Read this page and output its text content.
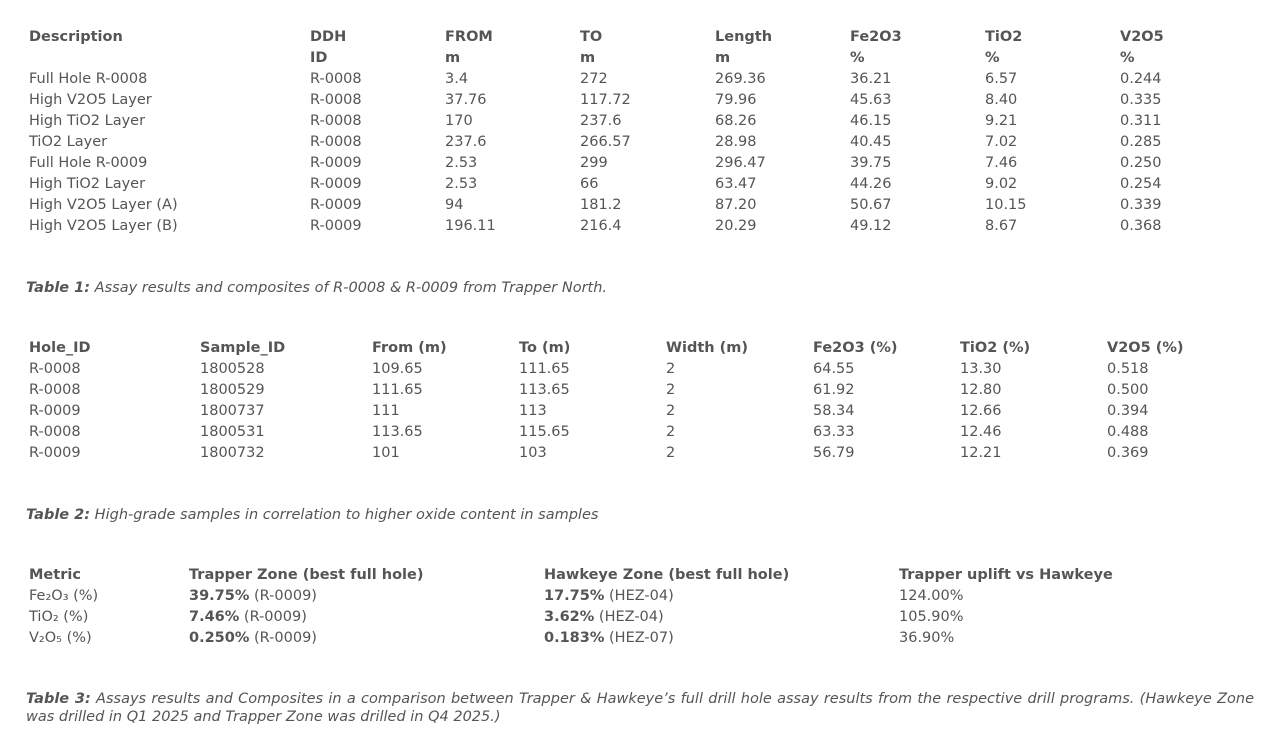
Description	DDH	FROM	TO	Length	Fe2O3	TiO2	V2O5
	ID	m	m	m	%	%	%
Full Hole R-0008	R-0008	3.4	272	269.36	36.21	6.57	0.244
High V2O5 Layer	R-0008	37.76	117.72	79.96	45.63	8.40	0.335
High TiO2 Layer	R-0008	170	237.6	68.26	46.15	9.21	0.311
TiO2 Layer	R-0008	237.6	266.57	28.98	40.45	7.02	0.285
Full Hole R-0009	R-0009	2.53	299	296.47	39.75	7.46	0.250
High TiO2 Layer	R-0009	2.53	66	63.47	44.26	9.02	0.254
High V2O5 Layer (A)	R-0009	94	181.2	87.20	50.67	10.15	0.339
High V2O5 Layer (B)	R-0009	196.11	216.4	20.29	49.12	8.67	0.368
Table 1: Assay results and composites of R-0008 & R-0009 from Trapper North.
Hole_ID	Sample_ID	From (m)	To (m)	Width (m)	Fe2O3 (%)	TiO2 (%)	V2O5 (%)
R-0008	1800528	109.65	111.65	2	64.55	13.30	0.518
R-0008	1800529	111.65	113.65	2	61.92	12.80	0.500
R-0009	1800737	111	113	2	58.34	12.66	0.394
R-0008	1800531	113.65	115.65	2	63.33	12.46	0.488
R-0009	1800732	101	103	2	56.79	12.21	0.369
Table 2: High-grade samples in correlation to higher oxide content in samples
Metric	Trapper Zone (best full hole)	Hawkeye Zone (best full hole)	Trapper uplift vs Hawkeye
Fe₂O₃ (%)	39.75% (R-0009)	17.75% (HEZ-04)	124.00%
TiO₂ (%)	7.46% (R-0009)	3.62% (HEZ-04)	105.90%
V₂O₅ (%)	0.250% (R-0009)	0.183% (HEZ-07)	36.90%
Table 3: Assays results and Composites in a comparison between Trapper & Hawkeye’s full drill hole assay results from the respective drill programs. (Hawkeye Zone was drilled in Q1 2025 and Trapper Zone was drilled in Q4 2025.)
